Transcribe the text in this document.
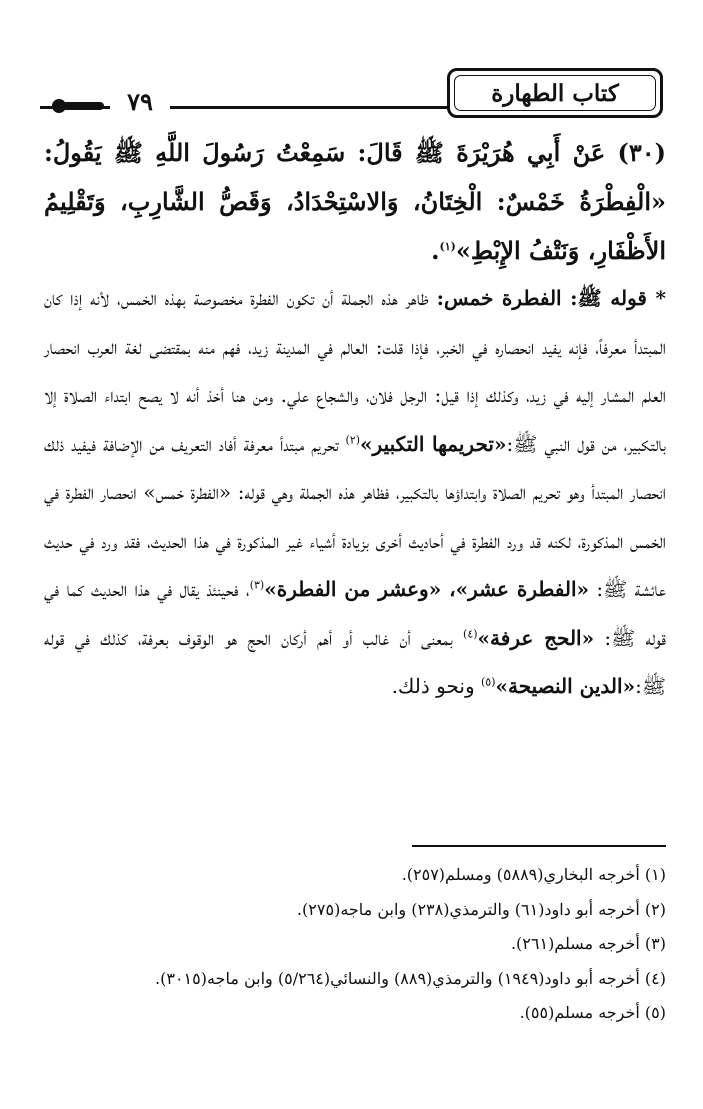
٧٩	كتاب الطهارة
(٣٠) عَنْ أَبِي هُرَيْرَةَ ﷺ قَالَ: سَمِعْتُ رَسُولَ اللَّهِ ﷺ يَقُولُ: «الْفِطْرَةُ خَمْسٌ: الْخِتَانُ، وَالاسْتِحْدَادُ، وَقَصُّ الشَّارِبِ، وَتَقْلِيمُ الأَظْفَارِ، وَنَتْفُ الإِبْطِ»$^{(١)}$.
* قوله ﷺ: الفطرة خمس: ظاهر هذه الجملة أن تكون الفطرة مخصوصة بهذه الخمس، لأنه إذا كان المبتدأ معرفاً، فإنه يفيد انحصاره في الخبر، فإذا قلت: العالم في المدينة زيد، فهم منه بمقتضى لغة العرب انحصار العلم المشار إليه في زيد، وكذلك إذا قيل: الرجل فلان، والشجاع علي. ومن هنا أخذ أنه لا يصح ابتداء الصلاة إلا بالتكبير، من قول النبي ﷺ:«تحريمها التكبير»$^{(٢)}$ تحريم مبتدأ معرفة أفاد التعريف من الإضافة فيفيد ذلك انحصار المبتدأ وهو تحريم الصلاة وابتداؤها بالتكبير، فظاهر هذه الجملة وهي قوله: «الفطرة خمس» انحصار الفطرة في الخمس المذكورة، لكنه قد ورد الفطرة في أحاديث أخرى بزيادة أشياء غير المذكورة في هذا الحديث، فقد ورد في حديث عائشة ﷺ: «الفطرة عشر»، «وعشر من الفطرة»$^{(٣)}$، فحينئذ يقال في هذا الحديث كما في قوله ﷺ: «الحج عرفة»$^{(٤)}$ بمعنى أن غالب أو أهم أركان الحج هو الوقوف بعرفة، كذلك في قوله ﷺ:«الدين النصيحة»$^{(٥)}$ ونحو ذلك.
(١) أخرجه البخاري(٥٨٨٩) ومسلم(٢٥٧).
(٢) أخرجه أبو داود(٦١) والترمذي(٢٣٨) وابن ماجه(٢٧٥).
(٣) أخرجه مسلم(٢٦١).
(٤) أخرجه أبو داود(١٩٤٩) والترمذي(٨٨٩) والنسائي(٥/٢٦٤) وابن ماجه(٣٠١٥).
(٥) أخرجه مسلم(٥٥).
